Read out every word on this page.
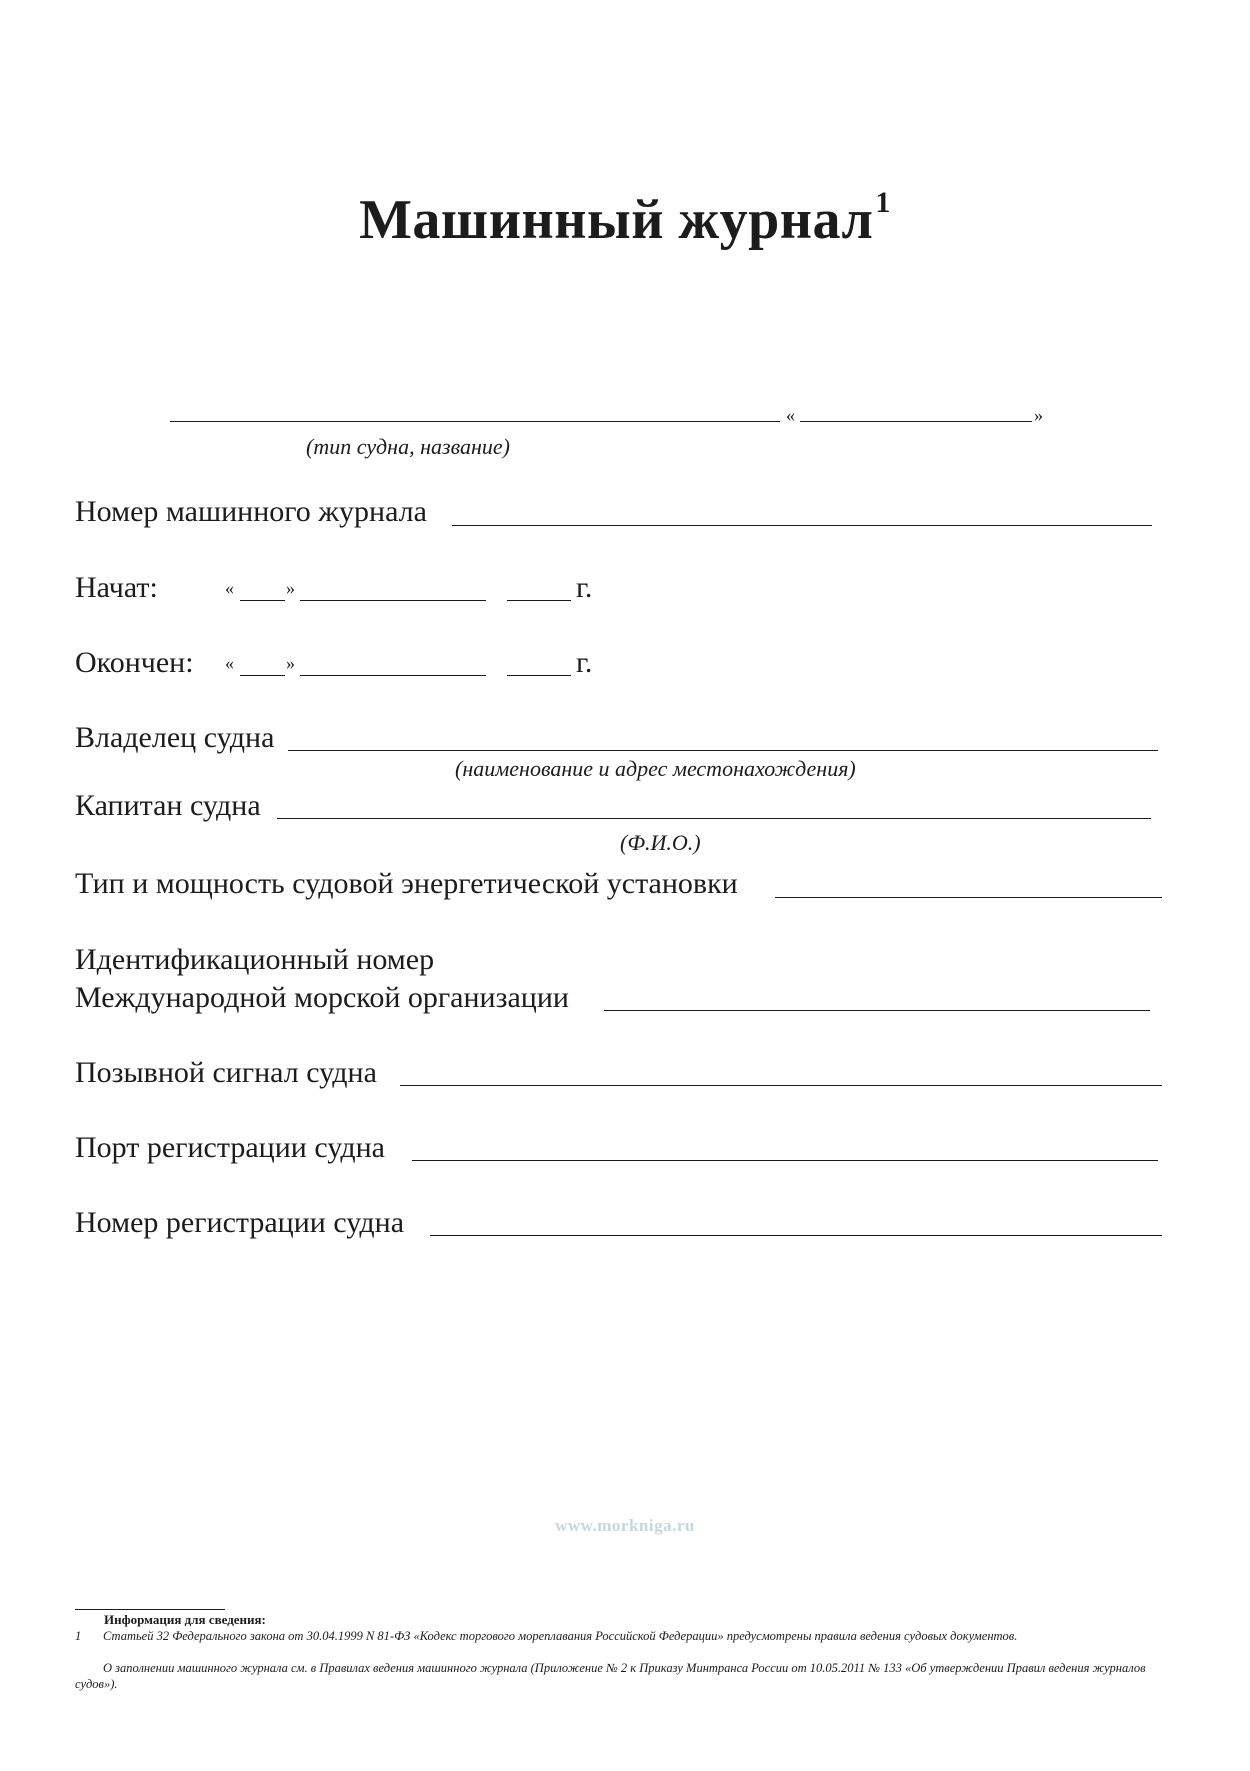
Машинный журнал$^1$
«	»
(тип судна, название)
Номер машинного журнала
Начат:	«	»	г.
Окончен: «	»	г.
Владелец судна
(наименование и адрес местонахождения)
Капитан судна
(Ф.И.О.)
Тип и мощность судовой энергетической установки
Идентификационный номер
Международной морской организации
Позывной сигнал судна
Порт регистрации судна
Номер регистрации судна
www.morkniga.ru
Информация для сведения:
1 Статьей 32 Федерального закона от 30.04.1999 N 81-ФЗ «Кодекс торгового мореплавания Российской Федерации» предусмотрены правила ведения судовых документов.
О заполнении машинного журнала см. в Правилах ведения машинного журнала (Приложение № 2 к Приказу Минтранса России от 10.05.2011 № 133 «Об утверждении Правил ведения журналов судов»).
